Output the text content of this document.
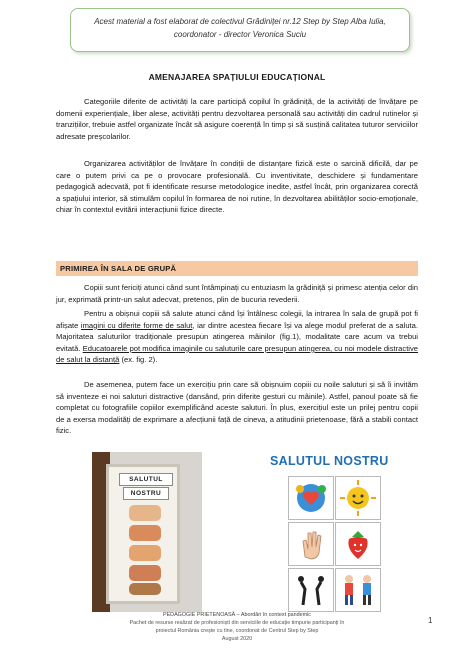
Acest material a fost elaborat de colectivul Grădiniței nr.12 Step by Step Alba Iulia,
coordonator - director Veronica Suciu
AMENAJAREA SPAȚIULUI EDUCAȚIONAL

Categoriile diferite de activități la care participă copilul în grădiniță, de la activități de învățare pe domenii experiențiale, liber alese, activități pentru dezvoltarea personală sau activități din cadrul rutinelor și tranzițiilor, trebuie astfel organizate încât să asigure coerență în timp și să susțină calitatea tuturor serviciilor adresate preșcolarilor.

Organizarea activităților de învățare în condiții de distanțare fizică este o sarcină dificilă, dar pe care o putem privi ca pe o provocare profesională. Cu inventivitate, deschidere și fundamentare pedagogică adecvată, pot fi identificate resurse metodologice inedite, astfel încât, prin organizarea corectă a spațiului interior, să stimulăm copilul în formarea de noi rutine, în dezvoltarea abilităților socio-emoționale, chiar în contextul evitării interacțiunii fizice directe.

PRIMIREA ÎN SALA DE GRUPĂ

Copiii sunt fericiți atunci când sunt întâmpinați cu entuziasm la grădiniță și primesc atenția celor din jur, exprimată printr-un salut adecvat, pretenos, plin de bucuria revederii.

Pentru a obișnui copiii să salute atunci când își întâlnesc colegii, la intrarea în sala de grupă pot fi afișate imagini cu diferite forme de salut, iar dintre acestea fiecare își va alege modul preferat de a saluta. Majoritatea saluturilor tradiționale presupun atingerea mâinilor (fig.1), modalitate care acum va trebui evitată. Educatoarele pot modifica imaginile cu saluturile care presupun atingerea, cu noi modele distractive de salut la distanță (ex. fig. 2).

De asemenea, putem face un exercițiu prin care să obișnuim copiii cu noile saluturi și să îi invităm să inventeze ei noi saluturi distractive (dansând, prin diferite gesturi cu mâinile). Astfel, panoul poate să fie completat cu fotografiile copiilor exemplificând aceste saluturi. În plus, exercițiul este un prilej pentru copii de a exersa modalități de exprimare a afecțiunii față de cineva, a atitudinii prietenoase, fără a stabili contact fizic.

SALUTUL
NOSTRU
SALUTUL NOSTRU
1
PEDAGOGIE PRIETENOASĂ – Abordări în context pandemic
Pachet de resurse realizat de profesioniști din serviciile de educație timpurie participanți în
proiectul România crește cu tine, coordonat de Centrul Step by Step
August 2020
